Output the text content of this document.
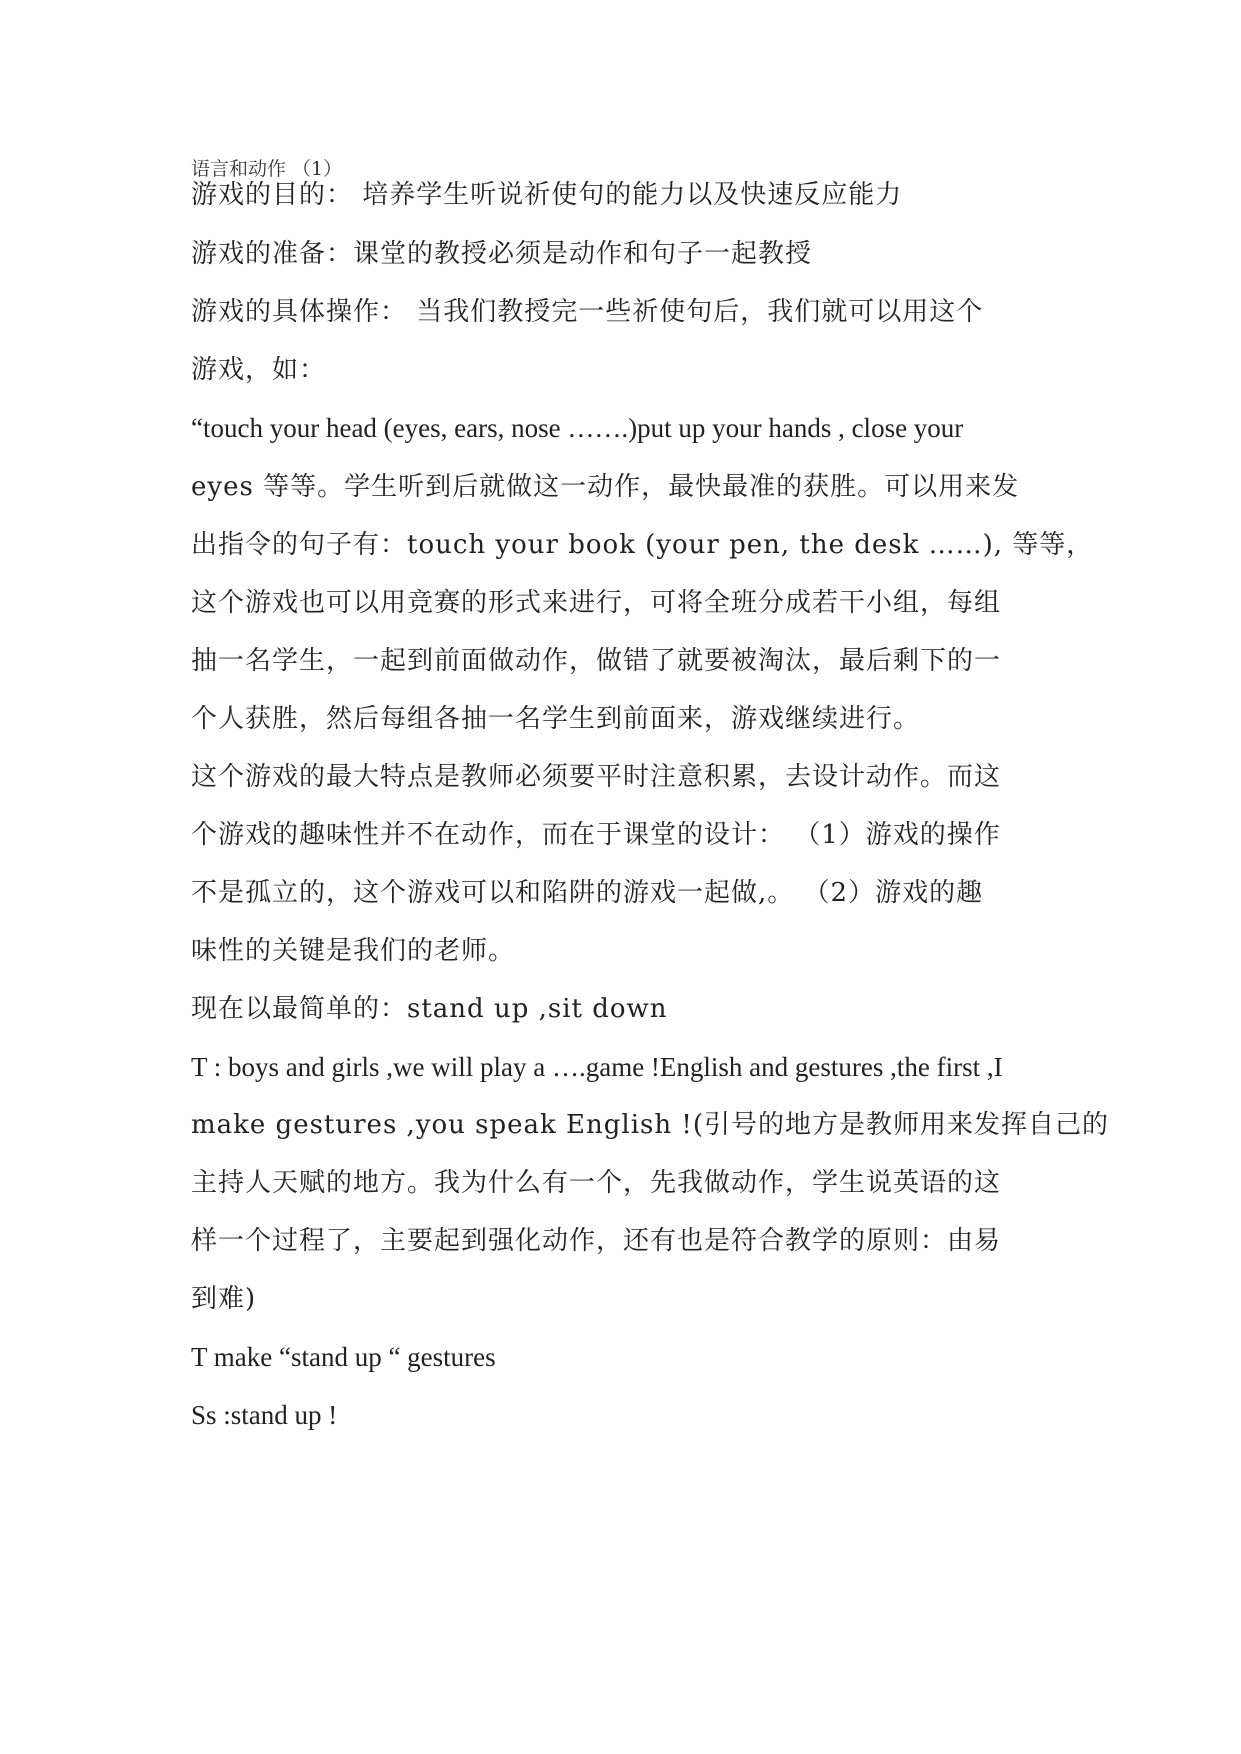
语言和动作 （1）
游戏的目的： 培养学生听说祈使句的能力以及快速反应能力
游戏的准备：课堂的教授必须是动作和句子一起教授
游戏的具体操作： 当我们教授完一些祈使句后，我们就可以用这个
游戏，如：
“touch your head (eyes, ears, nose …….)put up your hands , close your
eyes 等等。学生听到后就做这一动作，最快最准的获胜。可以用来发
出指令的句子有：touch your book (your pen, the desk ……), 等等，
这个游戏也可以用竞赛的形式来进行，可将全班分成若干小组，每组
抽一名学生，一起到前面做动作，做错了就要被淘汰，最后剩下的一
个人获胜，然后每组各抽一名学生到前面来，游戏继续进行。
这个游戏的最大特点是教师必须要平时注意积累，去设计动作。而这
个游戏的趣味性并不在动作，而在于课堂的设计： （1）游戏的操作
不是孤立的，这个游戏可以和陷阱的游戏一起做,。 （2）游戏的趣
味性的关键是我们的老师。
现在以最简单的：stand up ,sit down
T : boys and girls ,we will play a ….game !English and gestures ,the first ,I
make gestures ,you speak English !(引号的地方是教师用来发挥自己的
主持人天赋的地方。我为什么有一个，先我做动作，学生说英语的这
样一个过程了，主要起到强化动作，还有也是符合教学的原则：由易
到难)
T make “stand up “ gestures
Ss :stand up !
